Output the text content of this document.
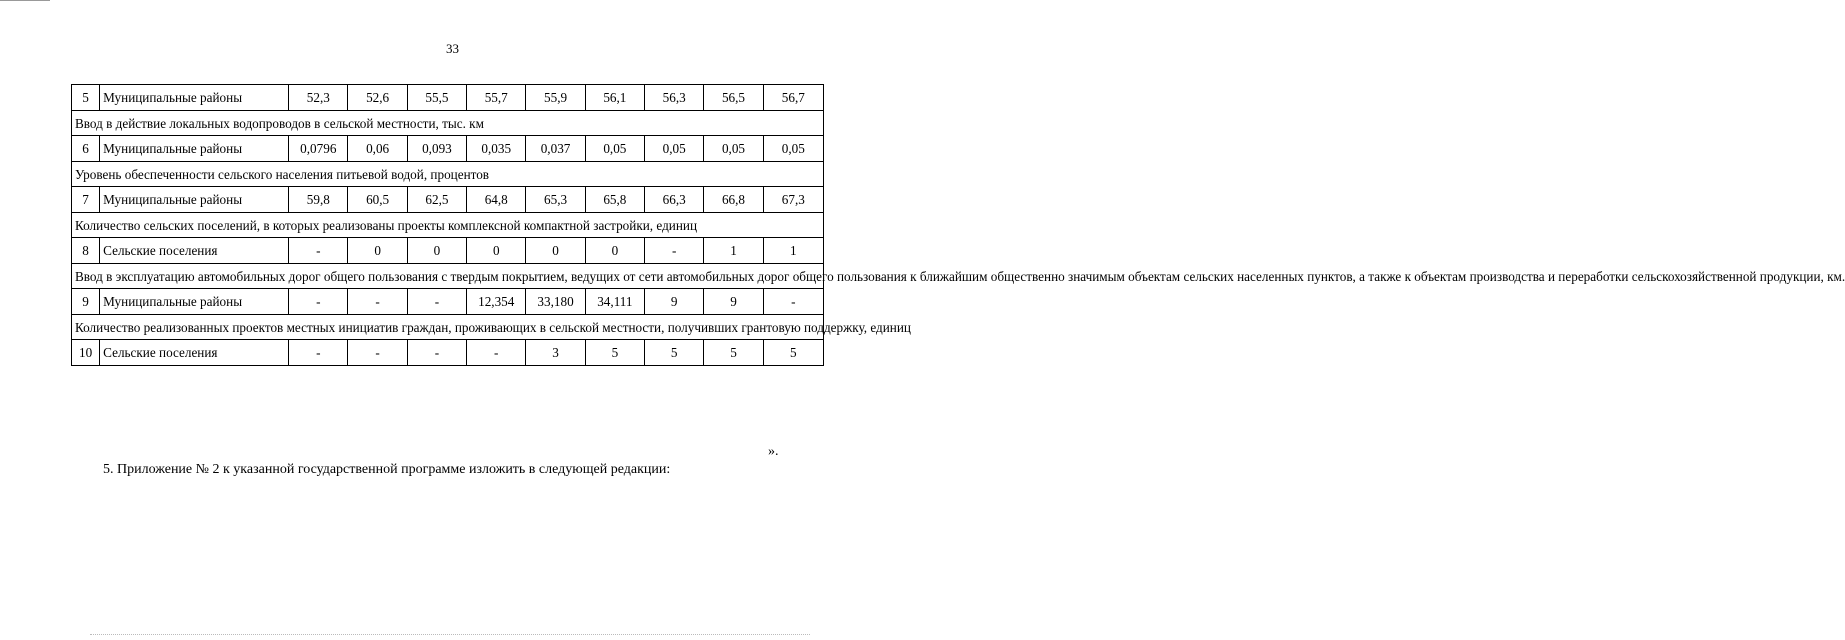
33
5	Муниципальные районы	52,3	52,6	55,5	55,7	55,9	56,1	56,3	56,5	56,7
Ввод в действие локальных водопроводов в сельской местности, тыс. км										
6	Муниципальные районы	0,0796	0,06	0,093	0,035	0,037	0,05	0,05	0,05	0,05
Уровень обеспеченности сельского населения питьевой водой, процентов										
7	Муниципальные районы	59,8	60,5	62,5	64,8	65,3	65,8	66,3	66,8	67,3
Количество сельских поселений, в которых реализованы проекты комплексной компактной застройки, единиц										
8	Сельские поселения	-	0	0	0	0	0	-	1	1
Ввод в эксплуатацию автомобильных дорог общего пользования с твердым покрытием, ведущих от сети автомобильных дорог общего пользования к ближайшим общественно значимым объектам сельских населенных пунктов, а также к объектам производства и переработки сельскохозяйственной продукции, км.										
9	Муниципальные районы	-	-	-	12,354	33,180	34,111	9	9	-
Количество реализованных проектов местных инициатив граждан, проживающих в сельской местности, получивших грантовую поддержку, единиц										
10	Сельские поселения	-	-	-	-	3	5	5	5	5
».
5. Приложение № 2 к указанной государственной программе изложить в следующей редакции:
